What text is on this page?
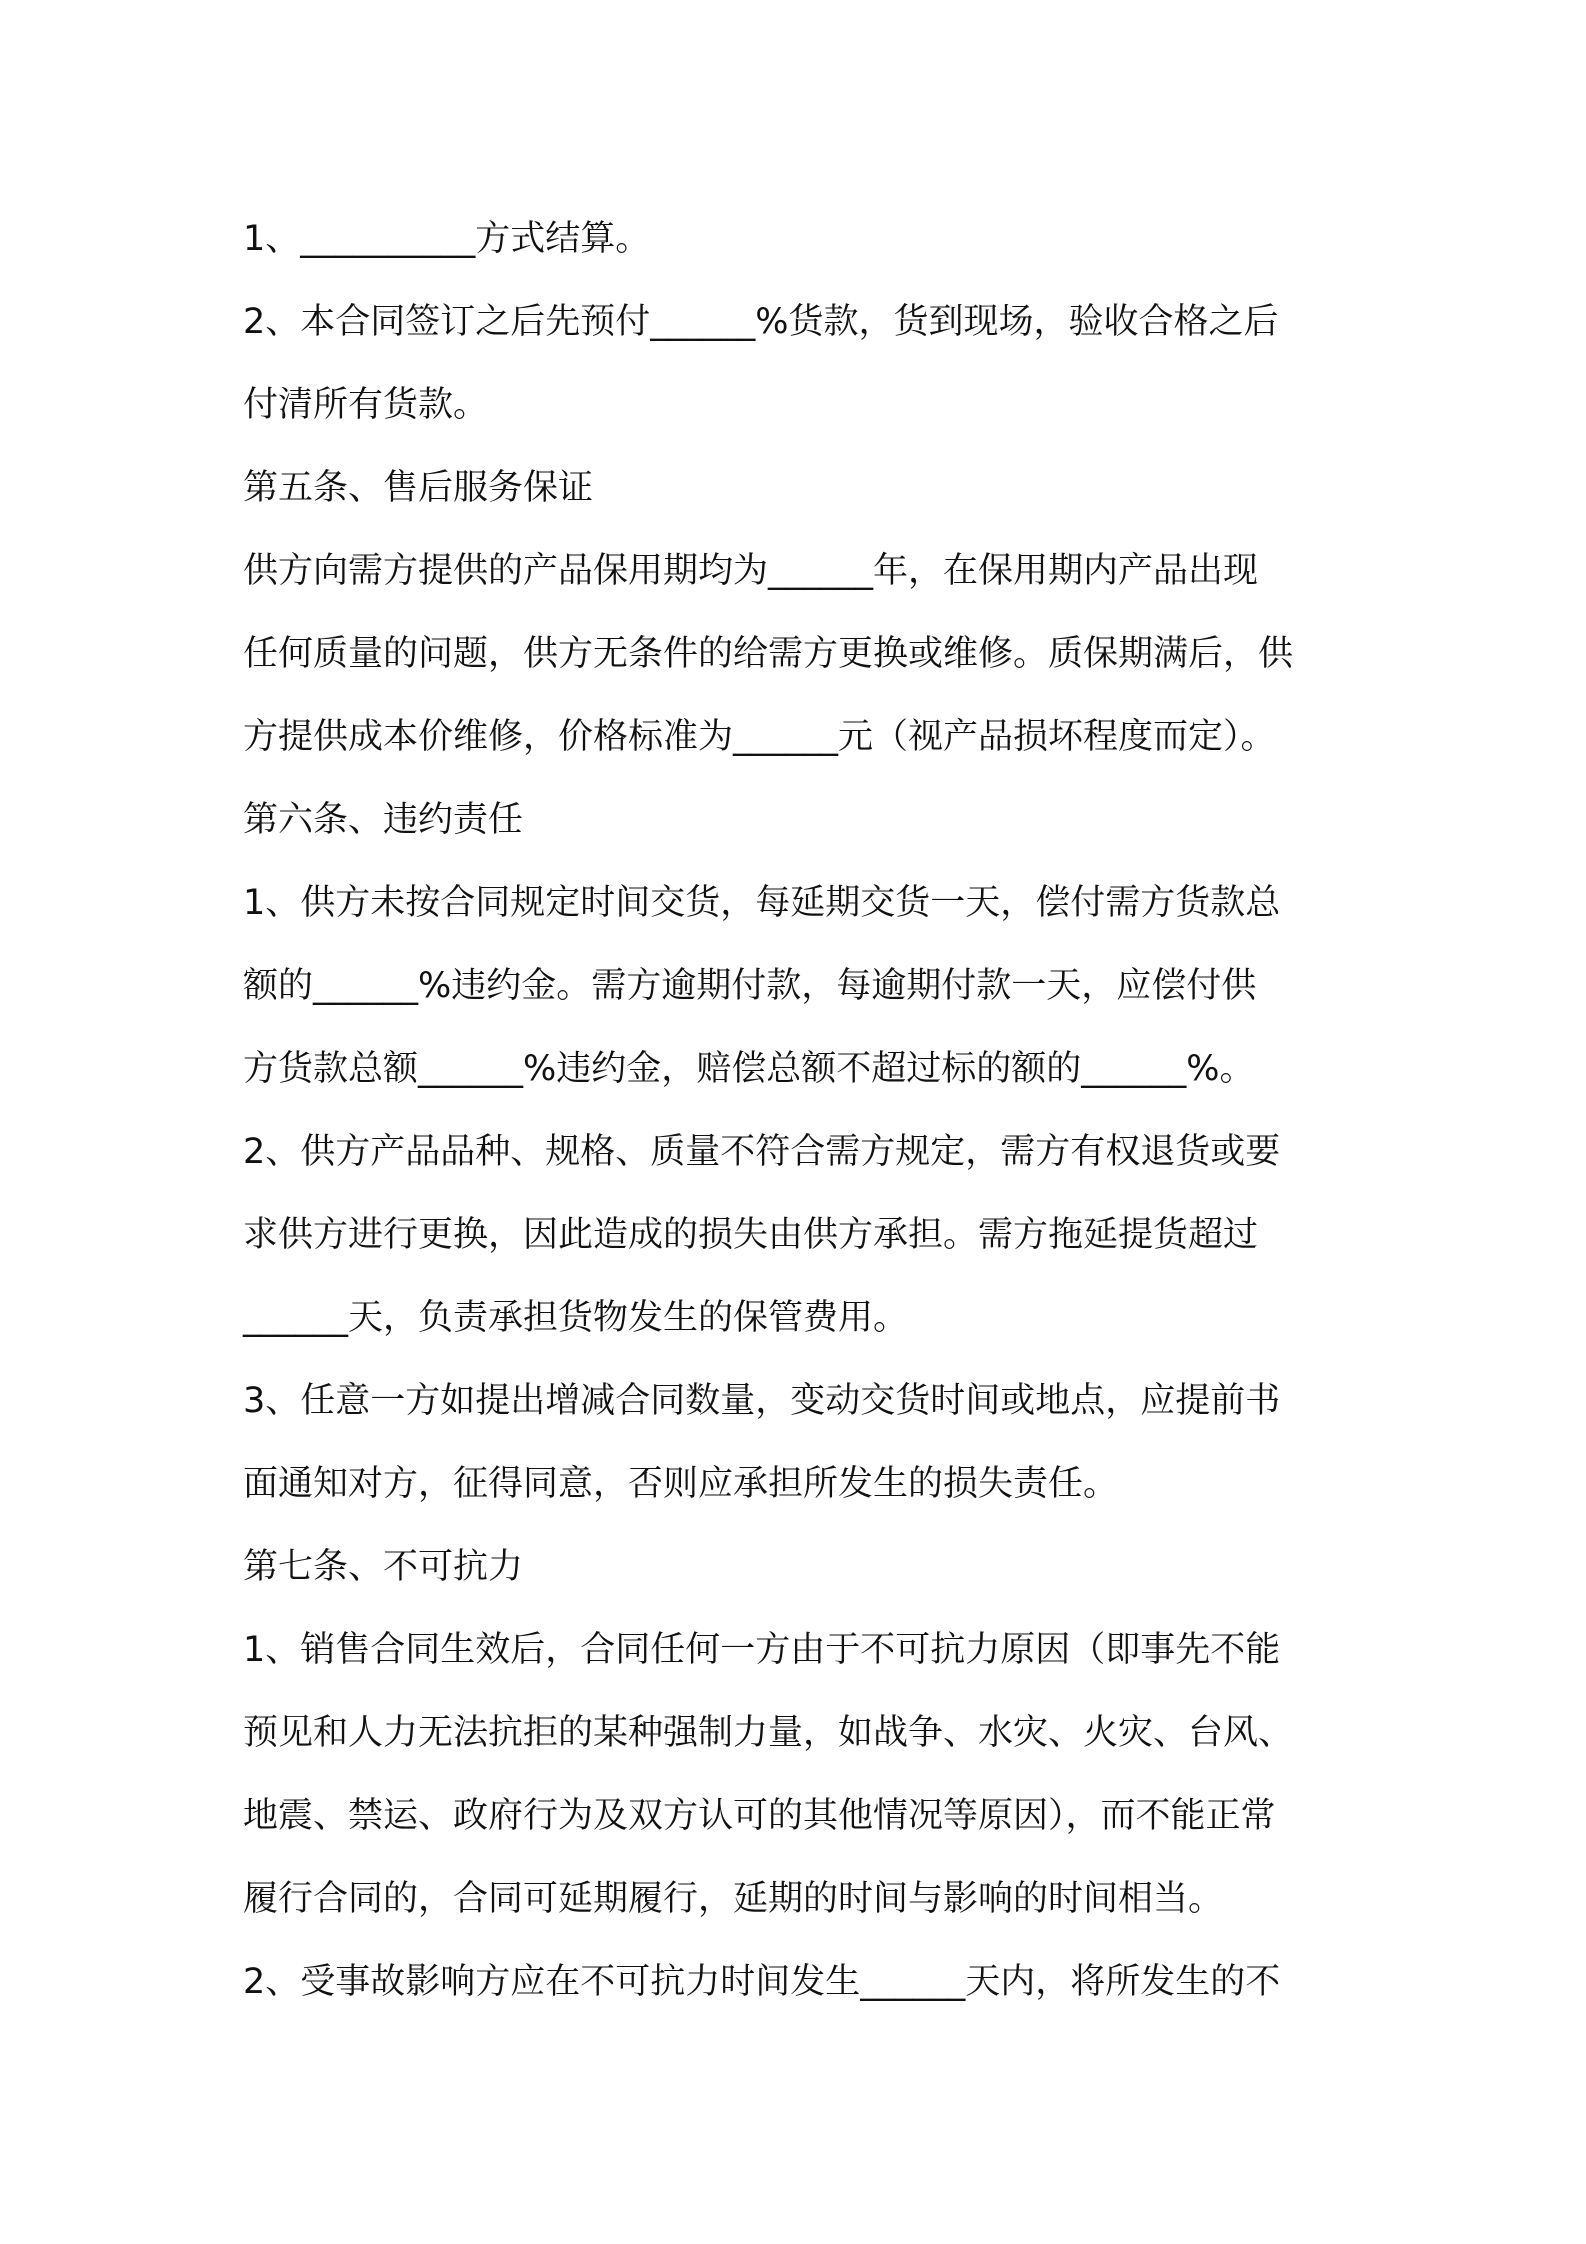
1、__________方式结算。
2、本合同签订之后先预付______%货款，货到现场，验收合格之后
付清所有货款。
第五条、售后服务保证
供方向需方提供的产品保用期均为______年，在保用期内产品出现
任何质量的问题，供方无条件的给需方更换或维修。质保期满后，供
方提供成本价维修，价格标准为______元（视产品损坏程度而定）。
第六条、违约责任
1、供方未按合同规定时间交货，每延期交货一天，偿付需方货款总
额的______%违约金。需方逾期付款，每逾期付款一天，应偿付供
方货款总额______%违约金，赔偿总额不超过标的额的______%。
2、供方产品品种、规格、质量不符合需方规定，需方有权退货或要
求供方进行更换，因此造成的损失由供方承担。需方拖延提货超过
______天，负责承担货物发生的保管费用。
3、任意一方如提出增减合同数量，变动交货时间或地点，应提前书
面通知对方，征得同意，否则应承担所发生的损失责任。
第七条、不可抗力
1、销售合同生效后，合同任何一方由于不可抗力原因（即事先不能
预见和人力无法抗拒的某种强制力量，如战争、水灾、火灾、台风、
地震、禁运、政府行为及双方认可的其他情况等原因），而不能正常
履行合同的，合同可延期履行，延期的时间与影响的时间相当。
2、受事故影响方应在不可抗力时间发生______天内，将所发生的不
